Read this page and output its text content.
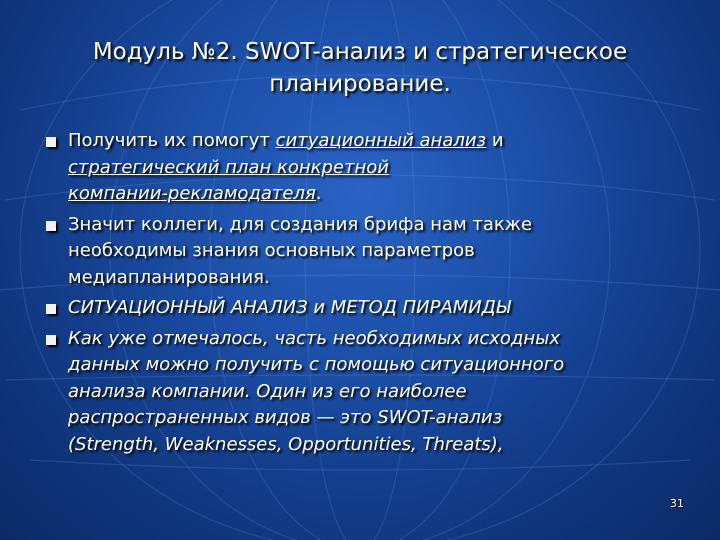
Модуль №2. SWOT-анализ и стратегическое
планирование.
Получить их помогут ситуационный анализ и
стратегический план конкретной
компании-рекламодателя.
Значит коллеги, для создания брифа нам также
необходимы знания основных параметров
медиапланирования.
СИТУАЦИОННЫЙ АНАЛИЗ и МЕТОД ПИРАМИДЫ
Как уже отмечалось, часть необходимых исходных
данных можно получить с помощью ситуационного
анализа компании. Один из его наиболее
распространенных видов — это SWOT-анализ
(Strength, Weaknesses, Opportunities, Threats),
31
